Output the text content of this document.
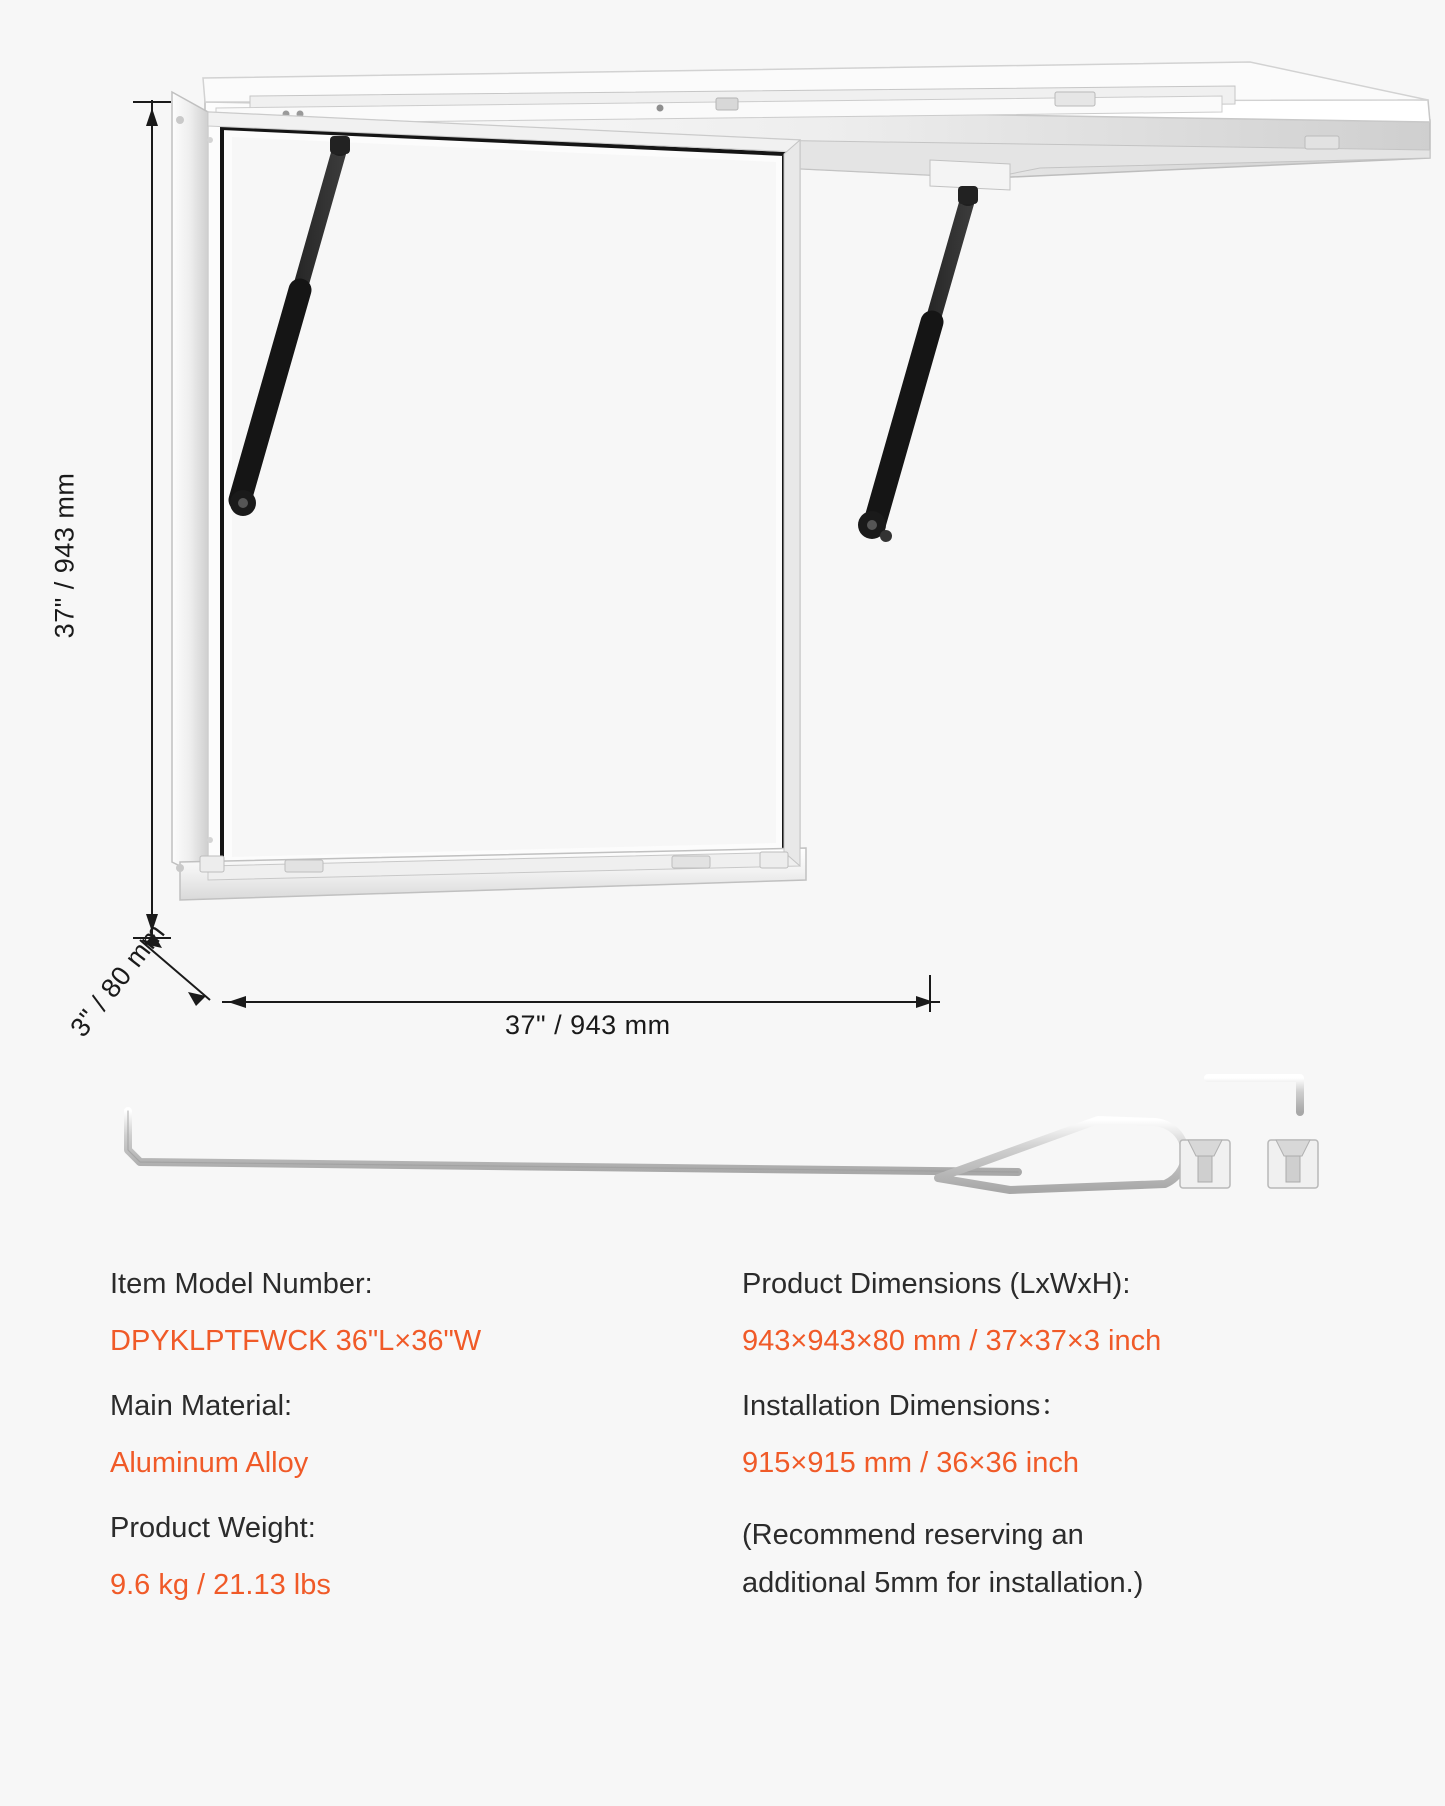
37" / 943 mm
37" / 943 mm
3" / 80 mm
Item Model Number:
DPYKLPTFWCK 36"L×36"W
Main Material:
Aluminum Alloy
Product Weight:
9.6 kg / 21.13 lbs
Product Dimensions (LxWxH):
943×943×80 mm / 37×37×3 inch
Installation Dimensions：
915×915 mm / 36×36 inch
(Recommend reserving an
additional 5mm for installation.)
